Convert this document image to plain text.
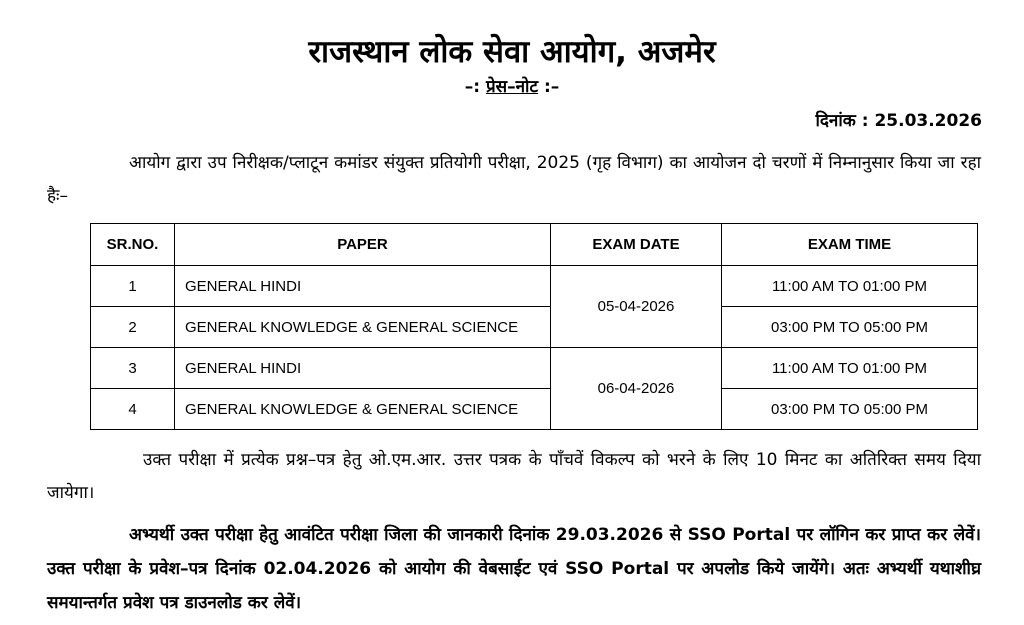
राजस्थान लोक सेवा आयोग, अजमेर
–: प्रेस–नोट :–
दिनांक : 25.03.2026
आयोग द्वारा उप निरीक्षक/प्लाटून कमांडर संयुक्त प्रतियोगी परीक्षा, 2025 (गृह विभाग) का आयोजन दो चरणों में निम्नानुसार किया जा रहा हैः–
SR.NO.	PAPER	EXAM DATE	EXAM TIME
1	GENERAL HINDI	05-04-2026	11:00 AM TO 01:00 PM
2	GENERAL KNOWLEDGE & GENERAL SCIENCE		03:00 PM TO 05:00 PM
3	GENERAL HINDI	06-04-2026	11:00 AM TO 01:00 PM
4	GENERAL KNOWLEDGE & GENERAL SCIENCE		03:00 PM TO 05:00 PM
उक्त परीक्षा में प्रत्येक प्रश्न–पत्र हेतु ओ.एम.आर. उत्तर पत्रक के पाँचवें विकल्प को भरने के लिए 10 मिनट का अतिरिक्त समय दिया जायेगा।
अभ्यर्थी उक्त परीक्षा हेतु आवंटित परीक्षा जिला की जानकारी दिनांक 29.03.2026 से SSO Portal पर लॉगिन कर प्राप्त कर लेवें। उक्त परीक्षा के प्रवेश–पत्र दिनांक 02.04.2026 को आयोग की वेबसाईट एवं SSO Portal पर अपलोड किये जायेंगे। अतः अभ्यर्थी यथाशीघ्र समयान्तर्गत प्रवेश पत्र डाउनलोड कर लेवें।
